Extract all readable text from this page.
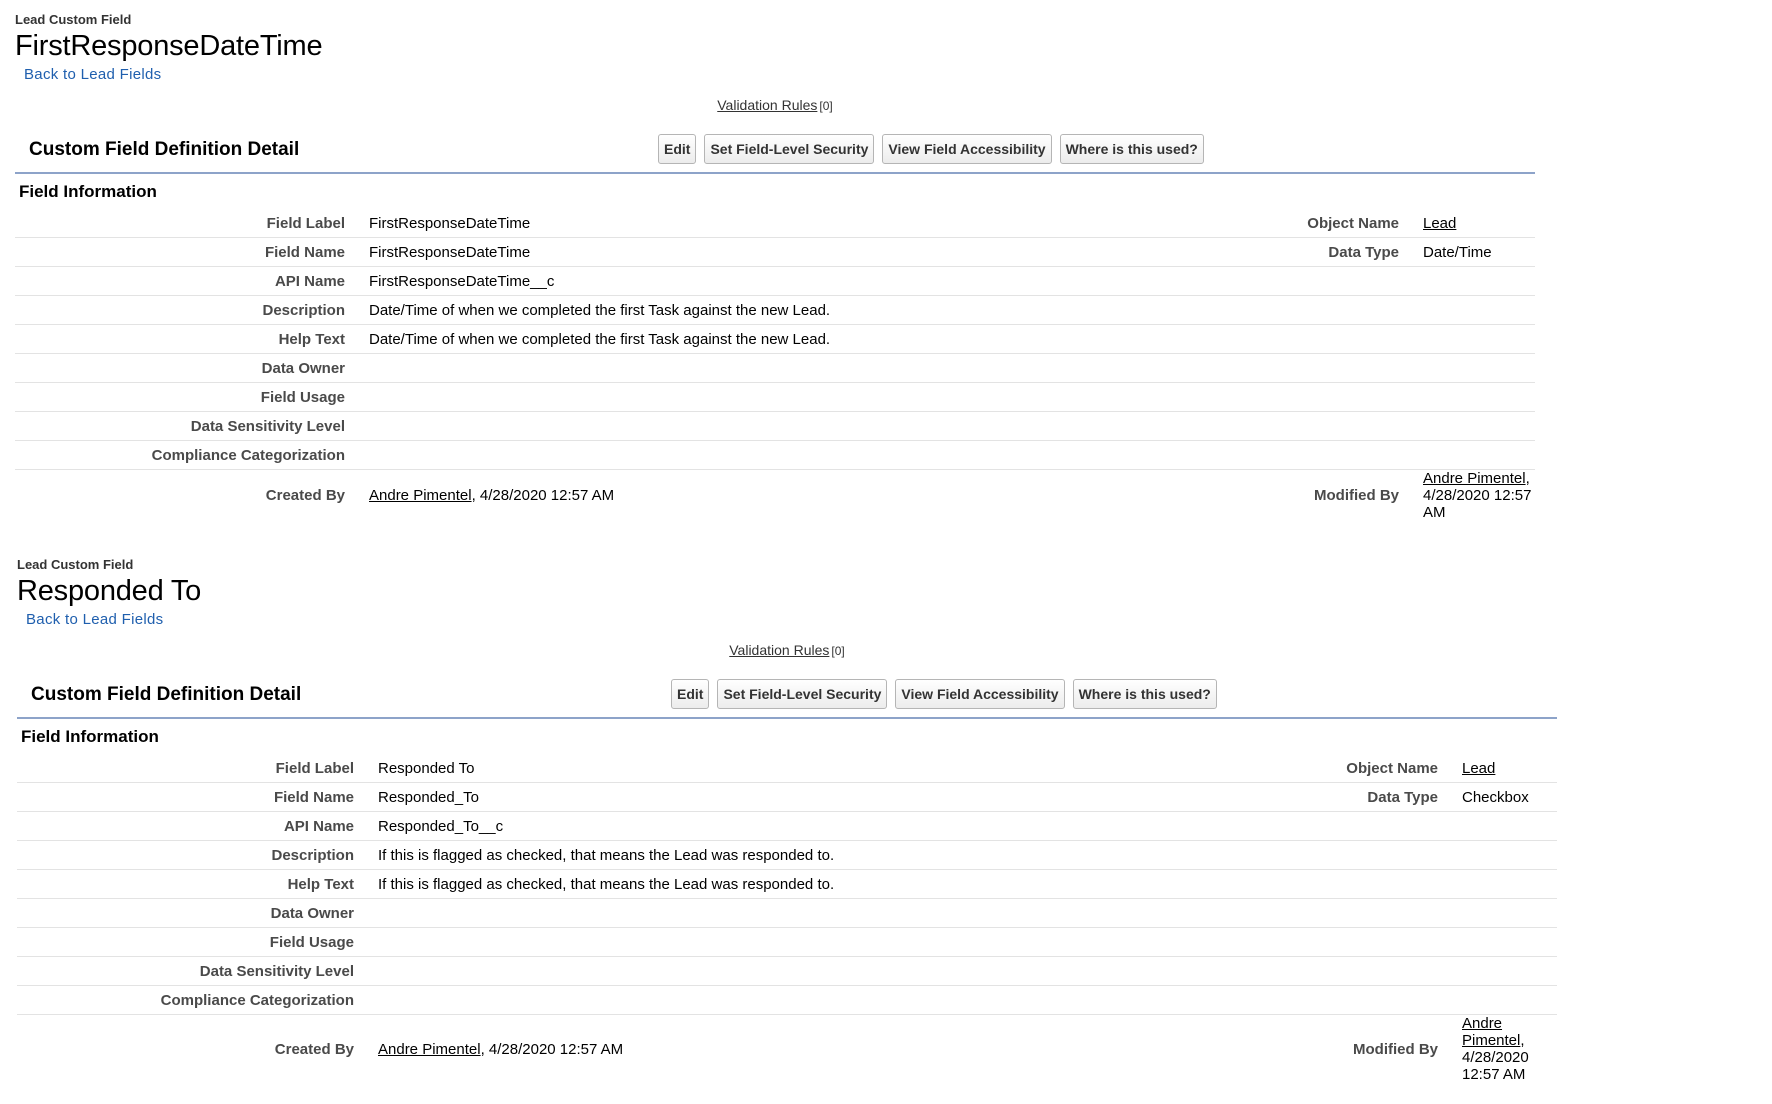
Lead Custom Field
FirstResponseDateTime
Back to Lead Fields
Validation Rules [0]
Custom Field Definition Detail	Edit	Set Field-Level Security	View Field Accessibility	Where is this used?
Field Information
Field Label	FirstResponseDateTime	Object Name	Lead
Field Name	FirstResponseDateTime	Data Type	Date/Time
API Name	FirstResponseDateTime__c		
Description	Date/Time of when we completed the first Task against the new Lead.		
Help Text	Date/Time of when we completed the first Task against the new Lead.		
Data Owner			
Field Usage			
Data Sensitivity Level			
Compliance Categorization			
Created By	Andre Pimentel, 4/28/2020 12:57 AM	Modified By	Andre Pimentel, 4/28/2020 12:57 AM
Lead Custom Field
Responded To
Back to Lead Fields
Validation Rules [0]
Custom Field Definition Detail	Edit	Set Field-Level Security	View Field Accessibility	Where is this used?
Field Information
Field Label	Responded To	Object Name	Lead
Field Name	Responded_To	Data Type	Checkbox
API Name	Responded_To__c		
Description	If this is flagged as checked, that means the Lead was responded to.		
Help Text	If this is flagged as checked, that means the Lead was responded to.		
Data Owner			
Field Usage			
Data Sensitivity Level			
Compliance Categorization			
Created By	Andre Pimentel, 4/28/2020 12:57 AM	Modified By	Andre Pimentel, 4/28/2020 12:57 AM
